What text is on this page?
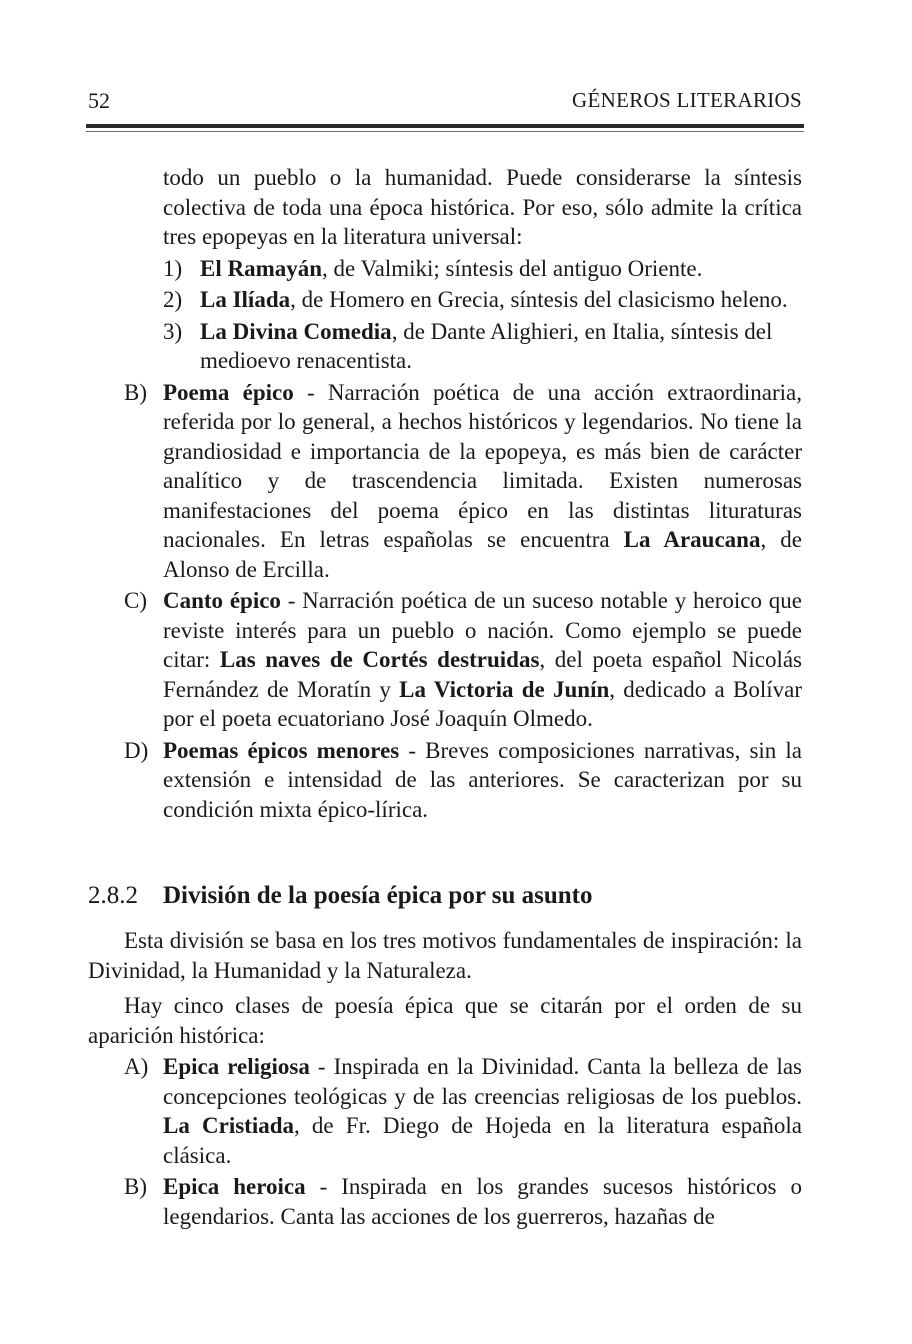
52	GÉNEROS LITERARIOS

todo un pueblo o la humanidad. Puede considerarse la síntesis colectiva de toda una época histórica. Por eso, sólo admite la crítica tres epopeyas en la literatura universal:

1) El Ramayán, de Valmiki; síntesis del antiguo Oriente.

2) La Ilíada, de Homero en Grecia, síntesis del clasicismo heleno.

3) La Divina Comedia, de Dante Alighieri, en Italia, síntesis del medioevo renacentista.

B) Poema épico - Narración poética de una acción extraordinaria, referida por lo general, a hechos históricos y legendarios. No tiene la grandiosidad e importancia de la epopeya, es más bien de carácter analítico y de trascendencia limitada. Existen numerosas manifestaciones del poema épico en las distintas liturаturas nacionales. En letras españolas se encuentra La Araucana, de Alonso de Ercilla.

C) Canto épico - Narración poética de un suceso notable y heroico que reviste interés para un pueblo o nación. Como ejemplo se puede citar: Las naves de Cortés destruidas, del poeta español Nicolás Fernández de Moratín y La Victoria de Junín, dedicado a Bolívar por el poeta ecuatoriano José Joaquín Olmedo.

D) Poemas épicos menores - Breves composiciones narrativas, sin la extensión e intensidad de las anteriores. Se caracterizan por su condición mixta épico-lírica.

2.8.2 División de la poesía épica por su asunto

Esta división se basa en los tres motivos fundamentales de inspiración: la Divinidad, la Humanidad y la Naturaleza.

Hay cinco clases de poesía épica que se citarán por el orden de su aparición histórica:

A) Epica religiosa - Inspirada en la Divinidad. Canta la belleza de las concepciones teológicas y de las creencias religiosas de los pueblos. La Cristiada, de Fr. Diego de Hojeda en la literatura española clásica.

B) Epica heroica - Inspirada en los grandes sucesos históricos o legendarios. Canta las acciones de los guerreros, hazañas de
